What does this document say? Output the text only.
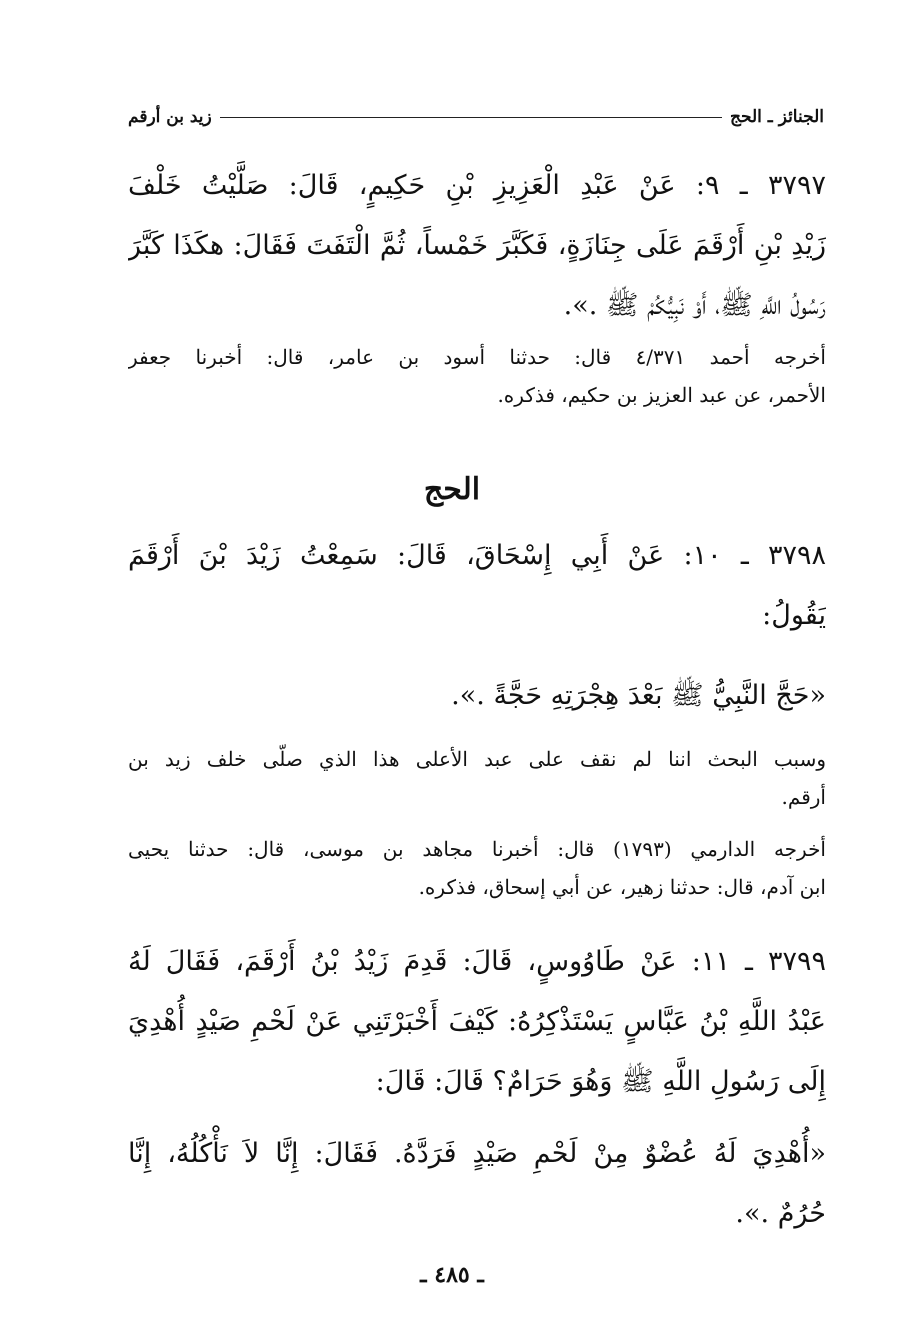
الجنائز ـ الحج
زيد بن أرقم
٣٧٩٧ ـ ٩: عَنْ عَبْدِ الْعَزِيزِ بْنِ حَكِيمٍ، قَالَ: صَلَّيْتُ خَلْفَ
زَيْدِ بْنِ أَرْقَمَ عَلَى جِنَازَةٍ، فَكَبَّرَ خَمْساً، ثُمَّ الْتَفَتَ فَقَالَ: هكَذَا كَبَّرَ
رَسُولُ اللَّهِ ﷺ، أَوْ نَبِيُّكُمْ ﷺ .».
أخرجه أحمد ٤/٣٧١ قال: حدثنا أسود بن عامر، قال: أخبرنا جعفر
الأحمر، عن عبد العزيز بن حكيم، فذكره.
الحج
٣٧٩٨ ـ ١٠: عَنْ أَبِي إِسْحَاقَ، قَالَ: سَمِعْتُ زَيْدَ بْنَ أَرْقَمَ
يَقُولُ:
«حَجَّ النَّبِيُّ ﷺ بَعْدَ هِجْرَتِهِ حَجَّةً .».
وسبب البحث اننا لم نقف على عبد الأعلى هذا الذي صلّى خلف زيد بن
أرقم.
أخرجه الدارمي (١٧٩٣) قال: أخبرنا مجاهد بن موسى، قال: حدثنا يحيى
ابن آدم، قال: حدثنا زهير، عن أبي إسحاق، فذكره.
٣٧٩٩ ـ ١١: عَنْ طَاوُوسٍ، قَالَ: قَدِمَ زَيْدُ بْنُ أَرْقَمَ، فَقَالَ لَهُ
عَبْدُ اللَّهِ بْنُ عَبَّاسٍ يَسْتَذْكِرُهُ: كَيْفَ أَخْبَرْتَنِي عَنْ لَحْمِ صَيْدٍ أُهْدِيَ
إِلَى رَسُولِ اللَّهِ ﷺ وَهُوَ حَرَامٌ؟ قَالَ: قَالَ:
«أُهْدِيَ لَهُ عُضْوٌ مِنْ لَحْمِ صَيْدٍ فَرَدَّهُ. فَقَالَ: إِنَّا لاَ نَأْكُلُهُ، إِنَّا
حُرُمٌ .».
ـ ٤٨٥ ـ
